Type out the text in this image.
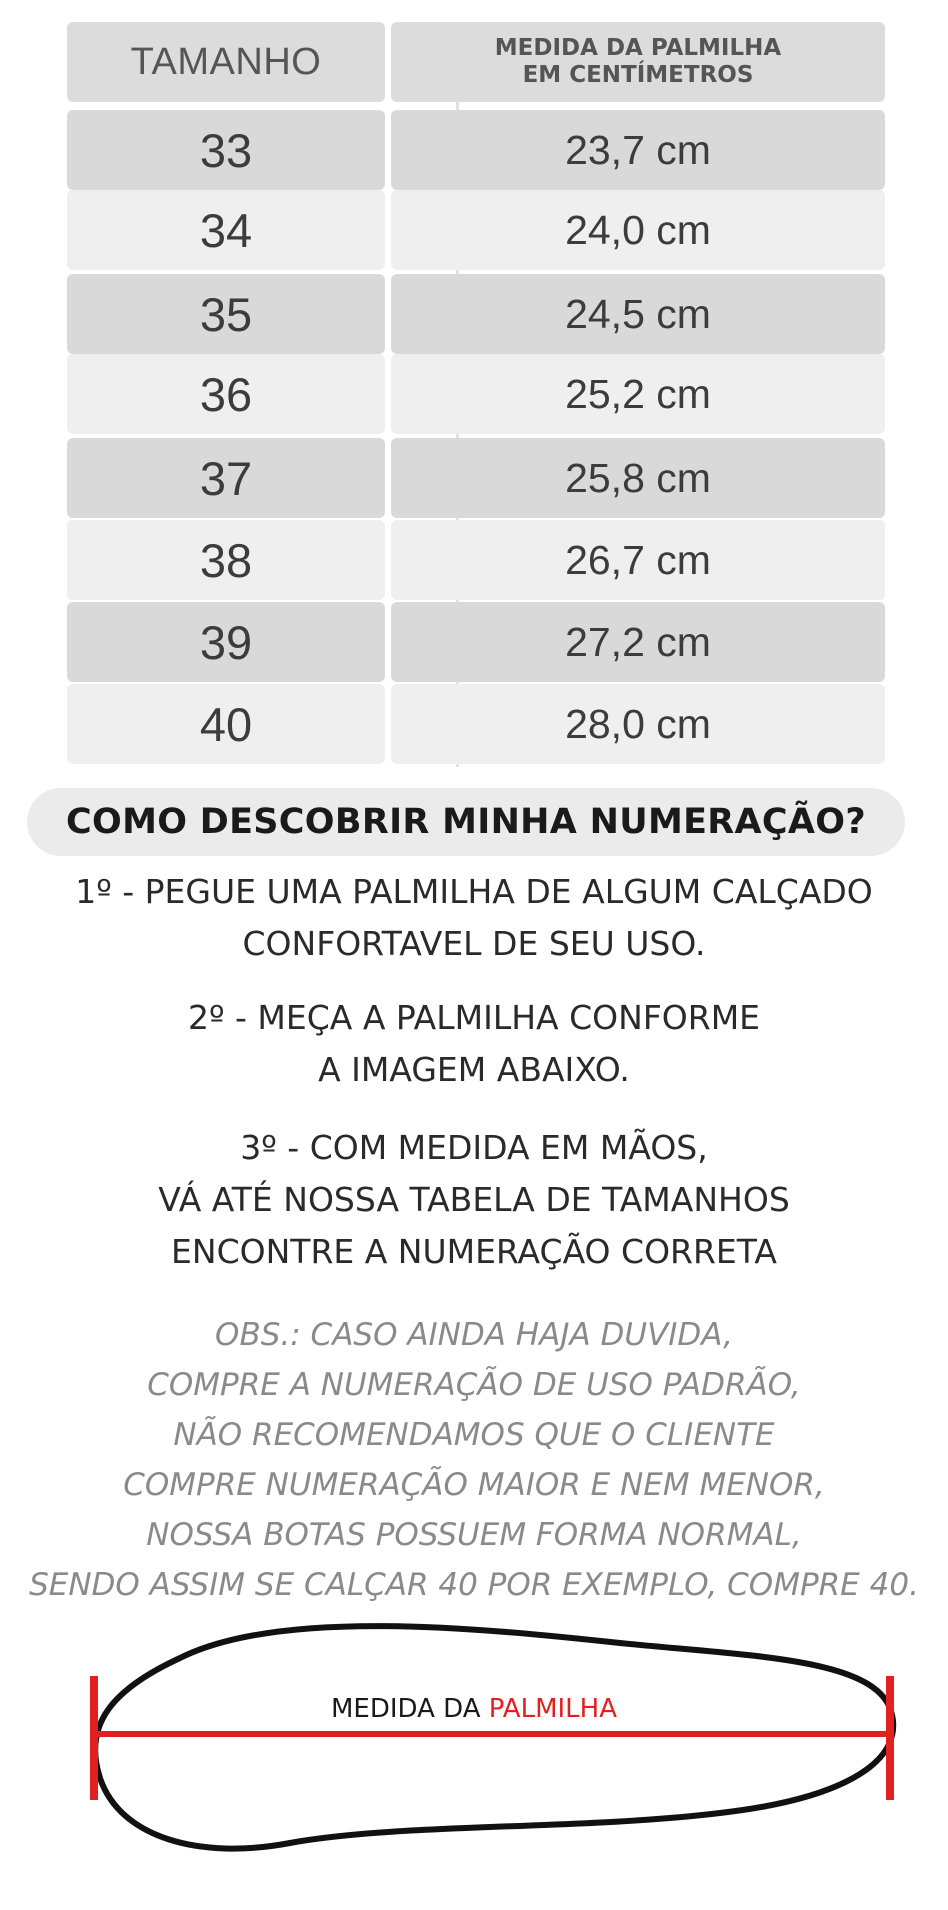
TAMANHO	MEDIDA DA PALMILHA
EM CENTÍMETROS
33	23,7 cm
34	24,0 cm
35	24,5 cm
36	25,2 cm
37	25,8 cm
38	26,7 cm
39	27,2 cm
40	28,0 cm
COMO DESCOBRIR MINHA NUMERAÇÃO?
1º - PEGUE UMA PALMILHA DE ALGUM CALÇADO
CONFORTAVEL DE SEU USO.
2º - MEÇA A PALMILHA CONFORME
A IMAGEM ABAIXO.
3º - COM MEDIDA EM MÃOS,
VÁ ATÉ NOSSA TABELA DE TAMANHOS
ENCONTRE A NUMERAÇÃO CORRETA
OBS.: CASO AINDA HAJA DUVIDA,
COMPRE A NUMERAÇÃO DE USO PADRÃO,
NÃO RECOMENDAMOS QUE O CLIENTE
COMPRE NUMERAÇÃO MAIOR E NEM MENOR,
NOSSA BOTAS POSSUEM FORMA NORMAL,
SENDO ASSIM SE CALÇAR 40 POR EXEMPLO, COMPRE 40.
MEDIDA DA PALMILHA
